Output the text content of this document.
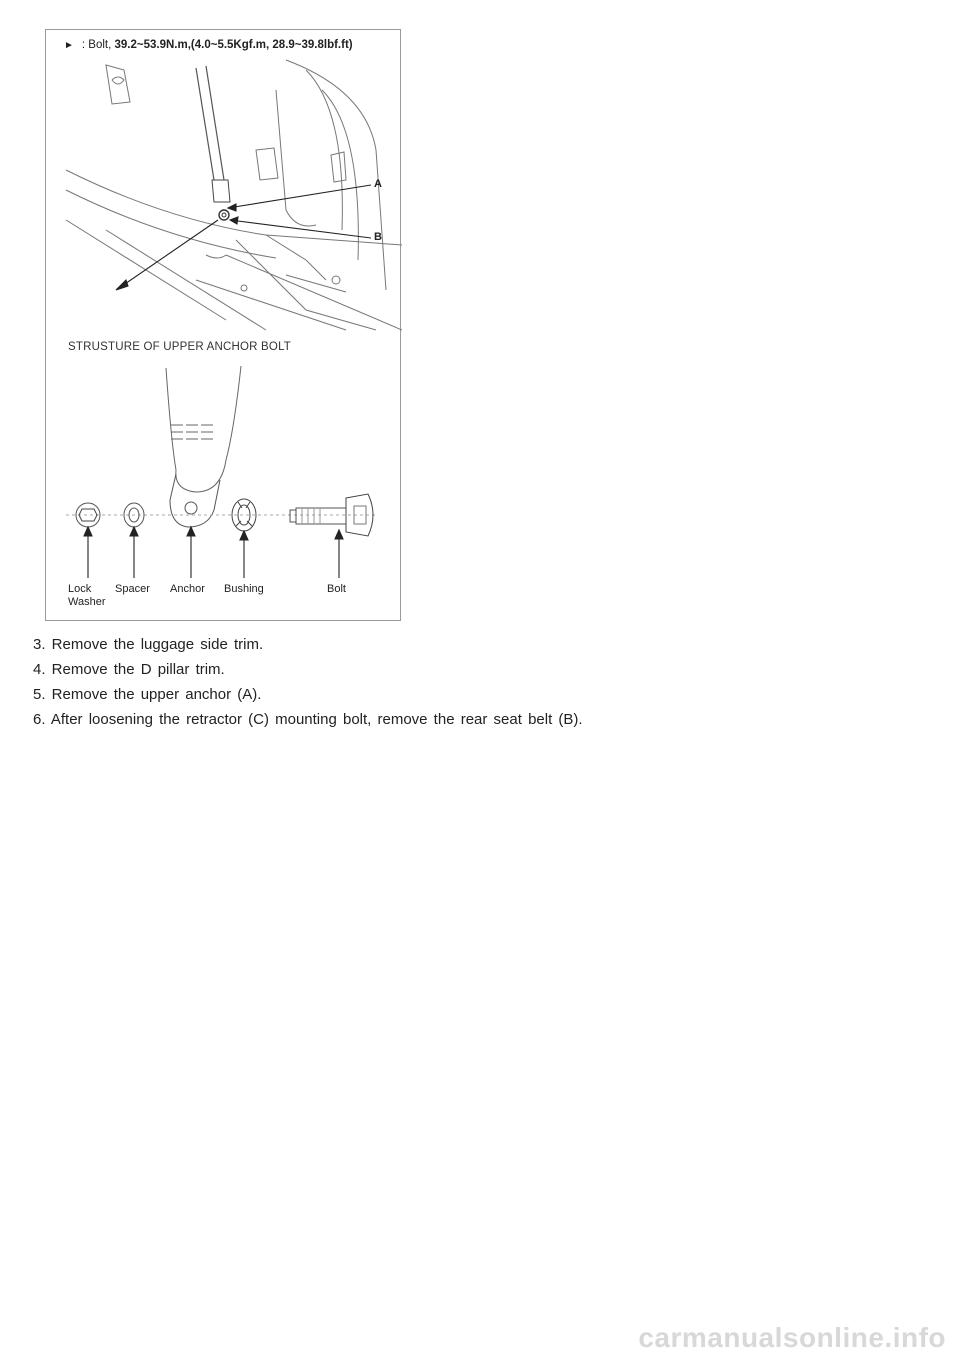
► : Bolt, 39.2~53.9N.m,(4.0~5.5Kgf.m, 28.9~39.8lbf.ft)
A
B
STRUSTURE OF UPPER ANCHOR BOLT
Lock
Washer
Spacer Anchor Bushing	Bolt
3. Remove the luggage side trim.
4. Remove the D pillar trim.
5. Remove the upper anchor (A).
6. After loosening the retractor (C) mounting bolt, remove the rear seat belt (B).
carmanualsonline.info
